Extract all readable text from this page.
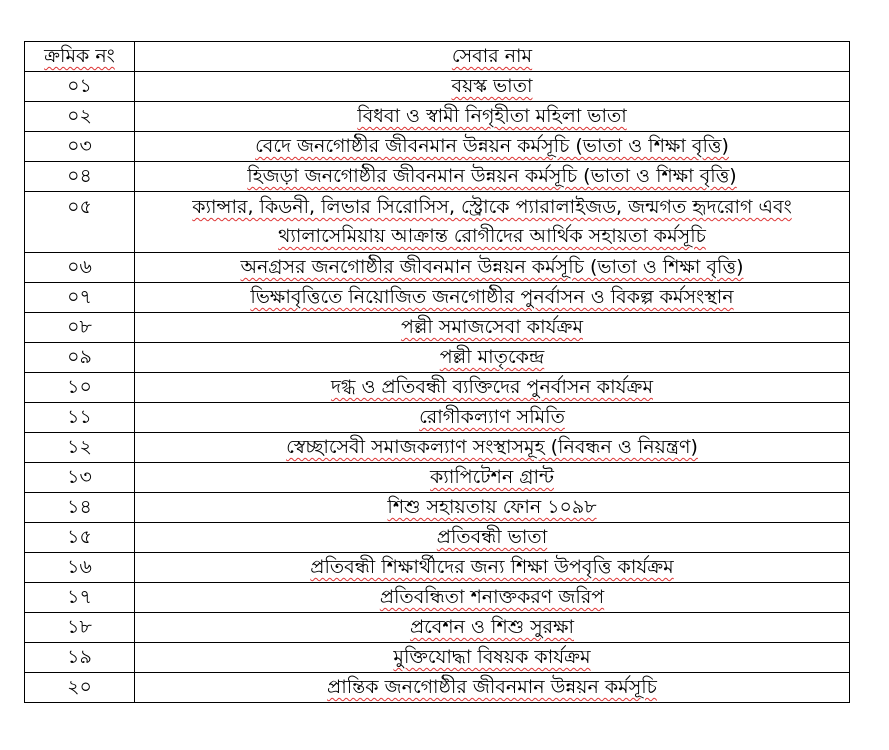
ক্রমিক নং	সেবার নাম
০১	বয়স্ক ভাতা
০২	বিধবা ও স্বামী নিগৃহীতা মহিলা ভাতা
০৩	বেদে জনগোষ্ঠীর জীবনমান উন্নয়ন কর্মসূচি (ভাতা ও শিক্ষা বৃত্তি)
০৪	হিজড়া জনগোষ্ঠীর জীবনমান উন্নয়ন কর্মসূচি (ভাতা ও শিক্ষা বৃত্তি)
০৫	ক্যান্সার, কিডনী, লিভার সিরোসিস, স্ট্রোকে প্যারালাইজড, জন্মগত হৃদরোগ এবং থ্যালাসেমিয়ায় আক্রান্ত রোগীদের আর্থিক সহায়তা কর্মসূচি
০৬	অনগ্রসর জনগোষ্ঠীর জীবনমান উন্নয়ন কর্মসূচি (ভাতা ও শিক্ষা বৃত্তি)
০৭	ভিক্ষাবৃত্তিতে নিয়োজিত জনগোষ্ঠীর পুনর্বাসন ও বিকল্প কর্মসংস্থান
০৮	পল্লী সমাজসেবা কার্যক্রম
০৯	পল্লী মাতৃকেন্দ্র
১০	দগ্ধ ও প্রতিবন্ধী ব্যক্তিদের পুনর্বাসন কার্যক্রম
১১	রোগীকল্যাণ সমিতি
১২	স্বেচ্ছাসেবী সমাজকল্যাণ সংস্থাসমূহ (নিবন্ধন ও নিয়ন্ত্রণ)
১৩	ক্যাপিটেশন গ্রান্ট
১৪	শিশু সহায়তায় ফোন ১০৯৮
১৫	প্রতিবন্ধী ভাতা
১৬	প্রতিবন্ধী শিক্ষার্থীদের জন্য শিক্ষা উপবৃত্তি কার্যক্রম
১৭	প্রতিবন্ধিতা শনাক্তকরণ জরিপ
১৮	প্রবেশন ও শিশু সুরক্ষা
১৯	মুক্তিযোদ্ধা বিষয়ক কার্যক্রম
২০	প্রান্তিক জনগোষ্ঠীর জীবনমান উন্নয়ন কর্মসূচি
